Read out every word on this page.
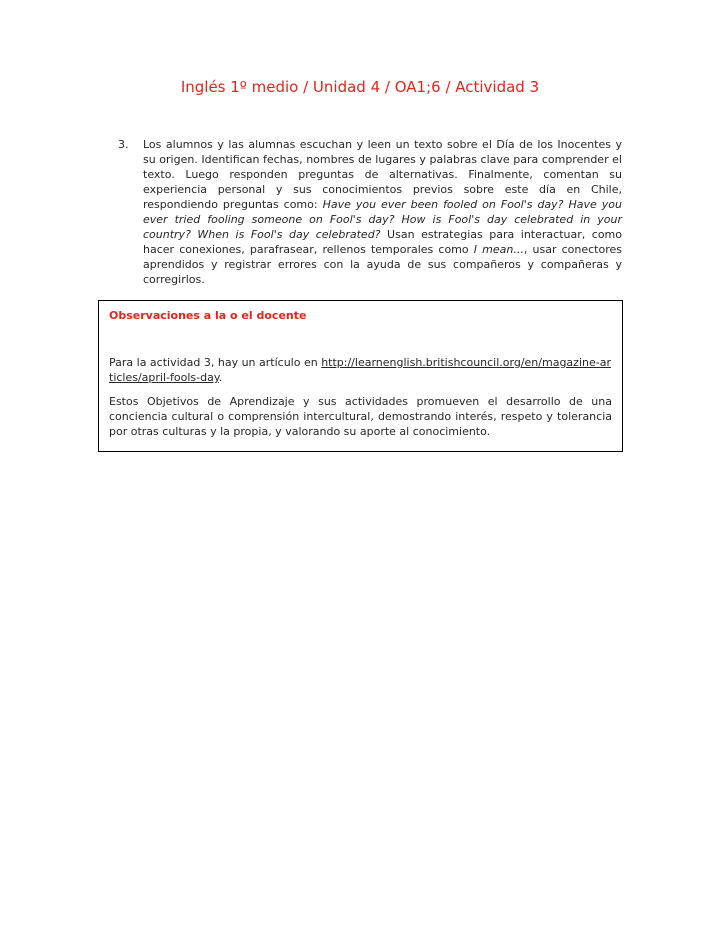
Inglés 1º medio / Unidad 4 / OA1;6 / Actividad 3
3.	Los alumnos y las alumnas escuchan y leen un texto sobre el Día de los Inocentes y su origen. Identifican fechas, nombres de lugares y palabras clave para comprender el texto. Luego responden preguntas de alternativas. Finalmente, comentan su experiencia personal y sus conocimientos previos sobre este día en Chile, respondiendo preguntas como: Have you ever been fooled on Fool's day? Have you ever tried fooling someone on Fool's day? How is Fool's day celebrated in your country? When is Fool's day celebrated? Usan estrategias para interactuar, como hacer conexiones, parafrasear, rellenos temporales como I mean..., usar conectores aprendidos y registrar errores con la ayuda de sus compañeros y compañeras y corregirlos.

Observaciones a la o el docente

Para la actividad 3, hay un artículo en http://learnenglish.britishcouncil.org/en/magazine-articles/april-fools-day.

Estos Objetivos de Aprendizaje y sus actividades promueven el desarrollo de una conciencia cultural o comprensión intercultural, demostrando interés, respeto y tolerancia por otras culturas y la propia, y valorando su aporte al conocimiento.
